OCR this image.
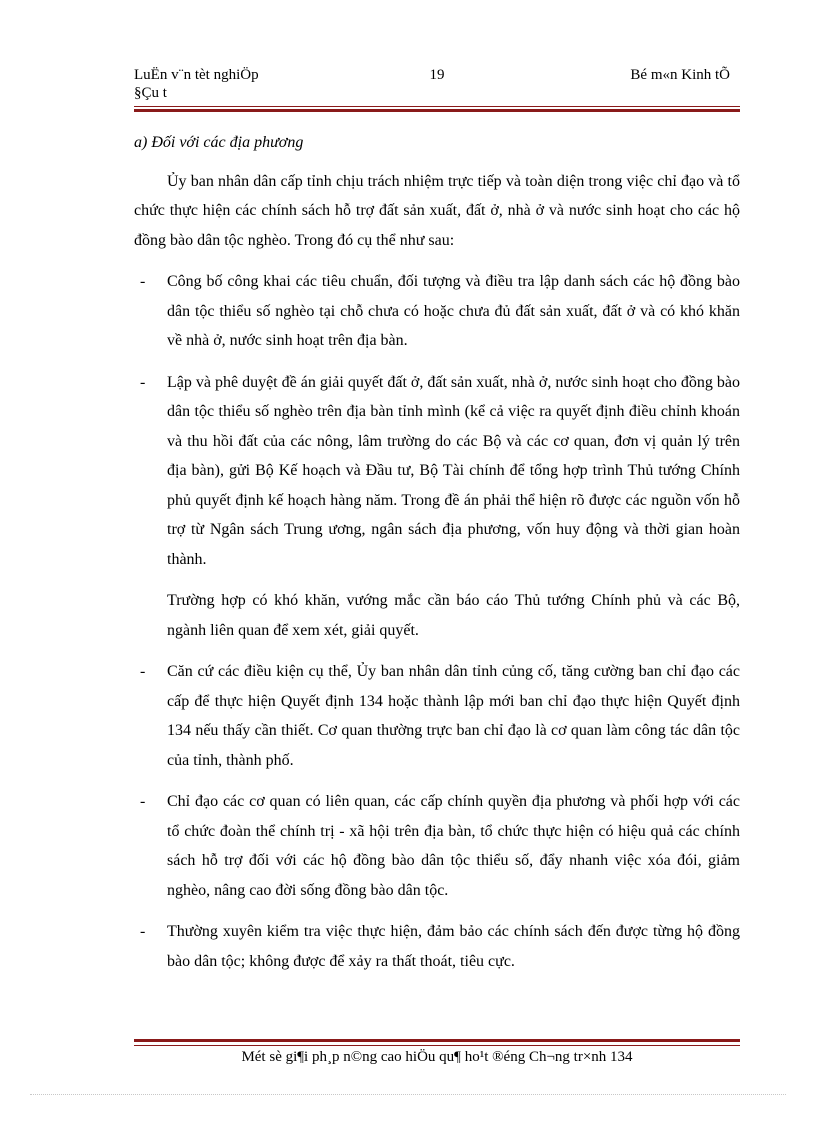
LuËn v¨n tèt nghiÖp
§Çu t
19	Bé m«n Kinh tÕ

a) Đối với các địa phương

Ủy ban nhân dân cấp tỉnh chịu trách nhiệm trực tiếp và toàn diện trong việc chỉ đạo và tổ chức thực hiện các chính sách hỗ trợ đất sản xuất, đất ở, nhà ở và nước sinh hoạt cho các hộ đồng bào dân tộc nghèo. Trong đó cụ thể như sau:

- Công bố công khai các tiêu chuẩn, đối tượng và điều tra lập danh sách các hộ đồng bào dân tộc thiểu số nghèo tại chỗ chưa có hoặc chưa đủ đất sản xuất, đất ở và có khó khăn về nhà ở, nước sinh hoạt trên địa bàn.
- Lập và phê duyệt đề án giải quyết đất ở, đất sản xuất, nhà ở, nước sinh hoạt cho đồng bào dân tộc thiểu số nghèo trên địa bàn tỉnh mình (kể cả việc ra quyết định điều chỉnh khoán và thu hồi đất của các nông, lâm trường do các Bộ và các cơ quan, đơn vị quản lý trên địa bàn), gửi Bộ Kế hoạch và Đầu tư, Bộ Tài chính để tổng hợp trình Thủ tướng Chính phủ quyết định kế hoạch hàng năm. Trong đề án phải thể hiện rõ được các nguồn vốn hỗ trợ từ Ngân sách Trung ương, ngân sách địa phương, vốn huy động và thời gian hoàn thành.

Trường hợp có khó khăn, vướng mắc cần báo cáo Thủ tướng Chính phủ và các Bộ, ngành liên quan để xem xét, giải quyết.

- Căn cứ các điều kiện cụ thể, Ủy ban nhân dân tỉnh củng cố, tăng cường ban chỉ đạo các cấp để thực hiện Quyết định 134 hoặc thành lập mới ban chỉ đạo thực hiện Quyết định 134 nếu thấy cần thiết. Cơ quan thường trực ban chỉ đạo là cơ quan làm công tác dân tộc của tỉnh, thành phố.
- Chỉ đạo các cơ quan có liên quan, các cấp chính quyền địa phương và phối hợp với các tổ chức đoàn thể chính trị - xã hội trên địa bàn, tổ chức thực hiện có hiệu quả các chính sách hỗ trợ đối với các hộ đồng bào dân tộc thiểu số, đẩy nhanh việc xóa đói, giảm nghèo, nâng cao đời sống đồng bào dân tộc.
- Thường xuyên kiểm tra việc thực hiện, đảm bảo các chính sách đến được từng hộ đồng bào dân tộc; không được để xảy ra thất thoát, tiêu cực.
Mét sè gi¶i ph¸p n©ng cao hiÖu qu¶ ho¹t ®éng Ch¬ng tr×nh 134
